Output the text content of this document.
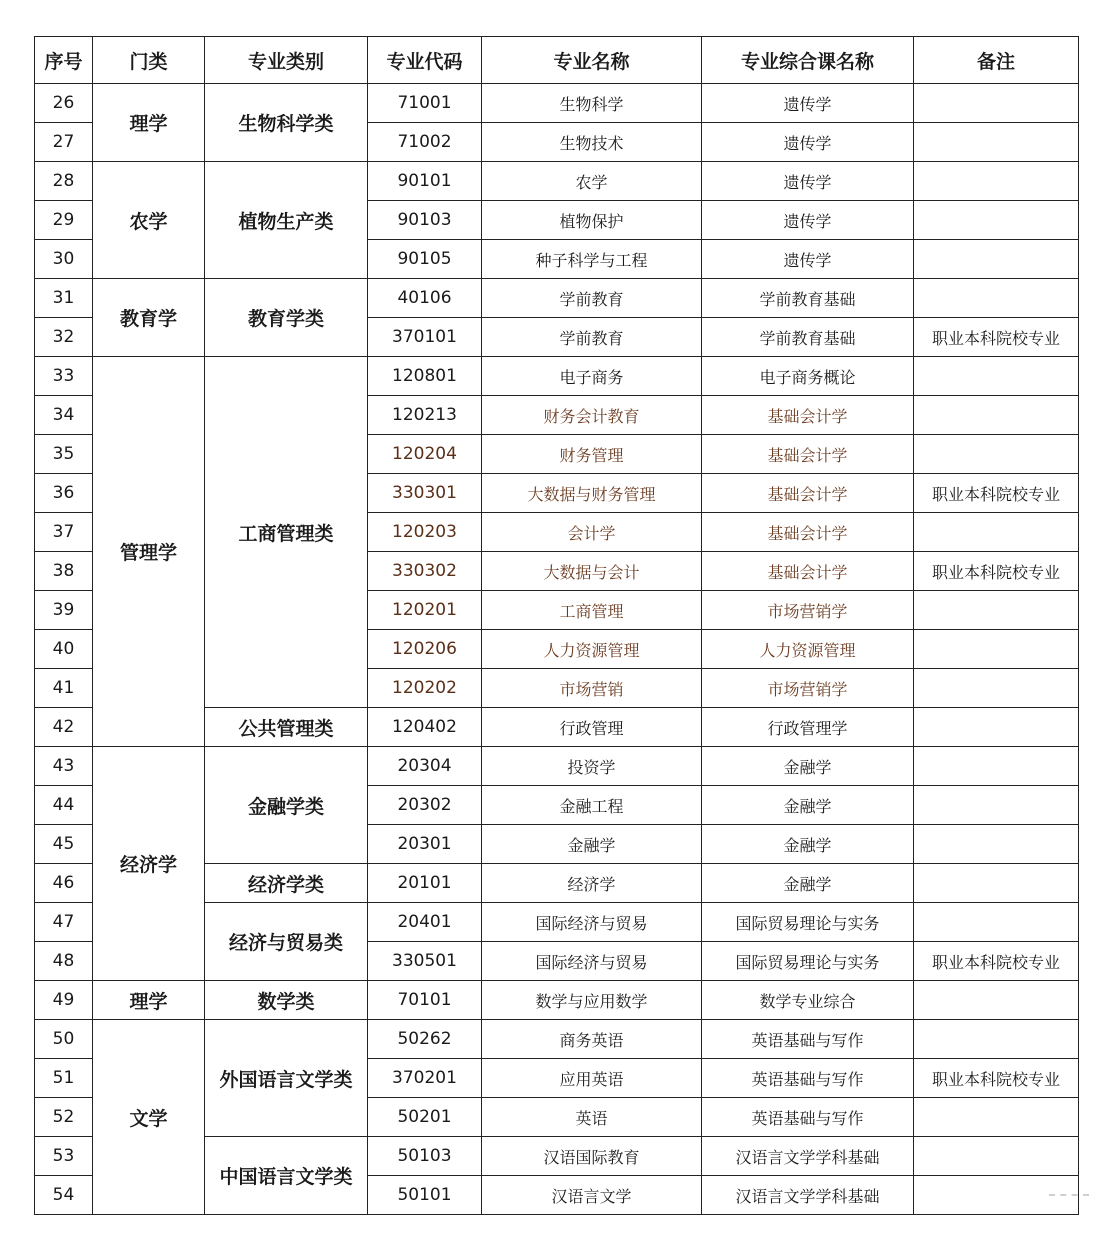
序号	门类	专业类别	专业代码	专业名称	专业综合课名称	备注
26	理学	生物科学类	71001	生物科学	遗传学	
27			71002	生物技术	遗传学	
28	农学	植物生产类	90101	农学	遗传学	
29			90103	植物保护	遗传学	
30			90105	种子科学与工程	遗传学	
31	教育学	教育学类	40106	学前教育	学前教育基础	
32			370101	学前教育	学前教育基础	职业本科院校专业
33	管理学	工商管理类	120801	电子商务	电子商务概论	
34			120213	财务会计教育	基础会计学	
35			120204	财务管理	基础会计学	
36			330301	大数据与财务管理	基础会计学	职业本科院校专业
37			120203	会计学	基础会计学	
38			330302	大数据与会计	基础会计学	职业本科院校专业
39			120201	工商管理	市场营销学	
40			120206	人力资源管理	人力资源管理	
41			120202	市场营销	市场营销学	
42		公共管理类	120402	行政管理	行政管理学	
43	经济学	金融学类	20304	投资学	金融学	
44			20302	金融工程	金融学	
45			20301	金融学	金融学	
46		经济学类	20101	经济学	金融学	
47		经济与贸易类	20401	国际经济与贸易	国际贸易理论与实务	
48			330501	国际经济与贸易	国际贸易理论与实务	职业本科院校专业
49	理学	数学类	70101	数学与应用数学	数学专业综合	
50	文学	外国语言文学类	50262	商务英语	英语基础与写作	
51			370201	应用英语	英语基础与写作	职业本科院校专业
52			50201	英语	英语基础与写作	
53		中国语言文学类	50103	汉语国际教育	汉语言文学学科基础	
54			50101	汉语言文学	汉语言文学学科基础	
